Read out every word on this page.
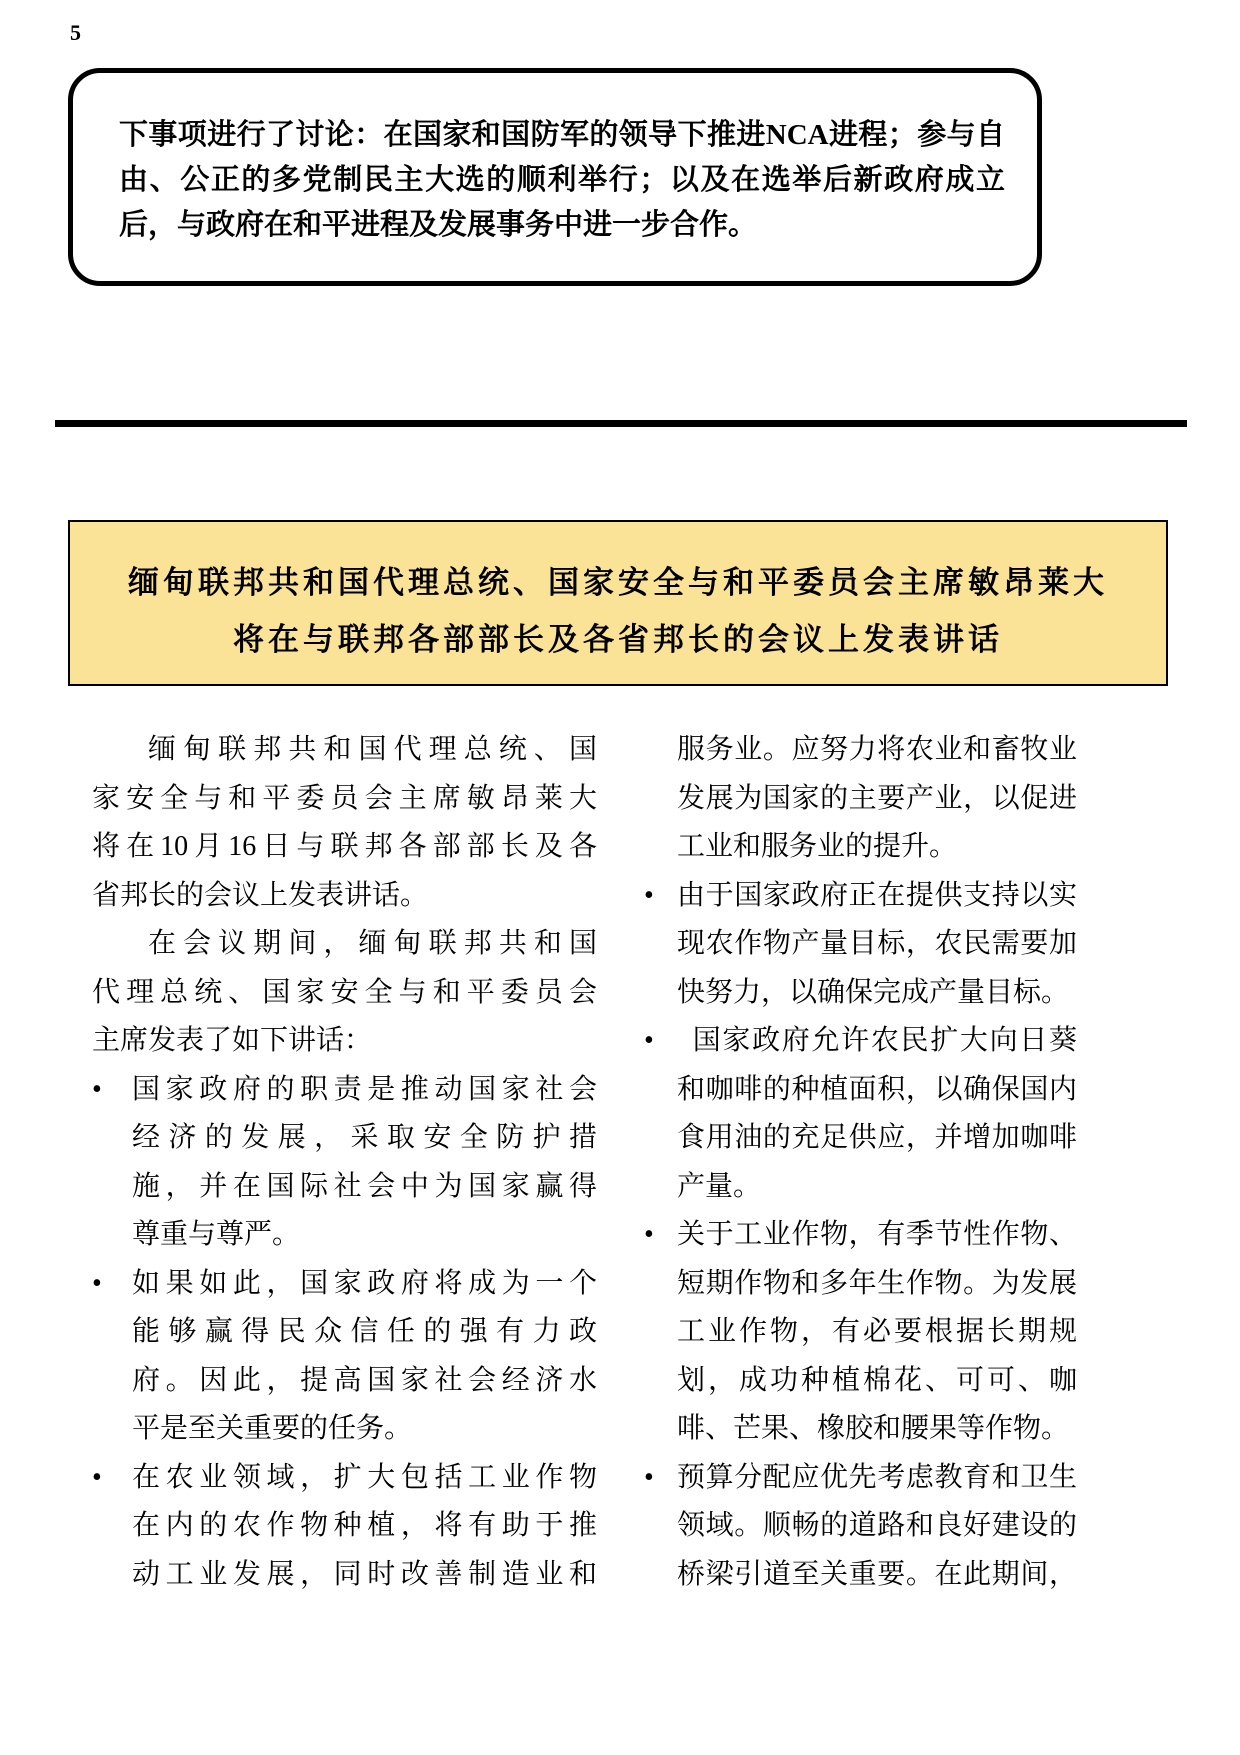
5
下事项进行了讨论：在国家和国防军的领导下推进NCA进程；参与自
由、公正的多党制民主大选的顺利举行；以及在选举后新政府成立
后，与政府在和平进程及发展事务中进一步合作。
缅甸联邦共和国代理总统、国家安全与和平委员会主席敏昂莱大
将在与联邦各部部长及各省邦长的会议上发表讲话
缅甸联邦共和国代理总统、国
家安全与和平委员会主席敏昂莱大
将在10月16日与联邦各部部长及各
省邦长的会议上发表讲话。
在会议期间，缅甸联邦共和国
代理总统、国家安全与和平委员会
主席发表了如下讲话：
•	国家政府的职责是推动国家社会
经济的发展，采取安全防护措
施，并在国际社会中为国家赢得
尊重与尊严。
•	如果如此，国家政府将成为一个
能够赢得民众信任的强有力政
府。因此，提高国家社会经济水
平是至关重要的任务。
•	在农业领域，扩大包括工业作物
在内的农作物种植，将有助于推
动工业发展，同时改善制造业和
服务业。应努力将农业和畜牧业
发展为国家的主要产业，以促进
工业和服务业的提升。
• 由于国家政府正在提供支持以实
现农作物产量目标，农民需要加
快努力，以确保完成产量目标。
•  国家政府允许农民扩大向日葵
和咖啡的种植面积，以确保国内
食用油的充足供应，并增加咖啡
产量。
• 关于工业作物，有季节性作物、
短期作物和多年生作物。为发展
工业作物，有必要根据长期规
划，成功种植棉花、可可、咖
啡、芒果、橡胶和腰果等作物。
• 预算分配应优先考虑教育和卫生
领域。顺畅的道路和良好建设的
桥梁引道至关重要。在此期间，
